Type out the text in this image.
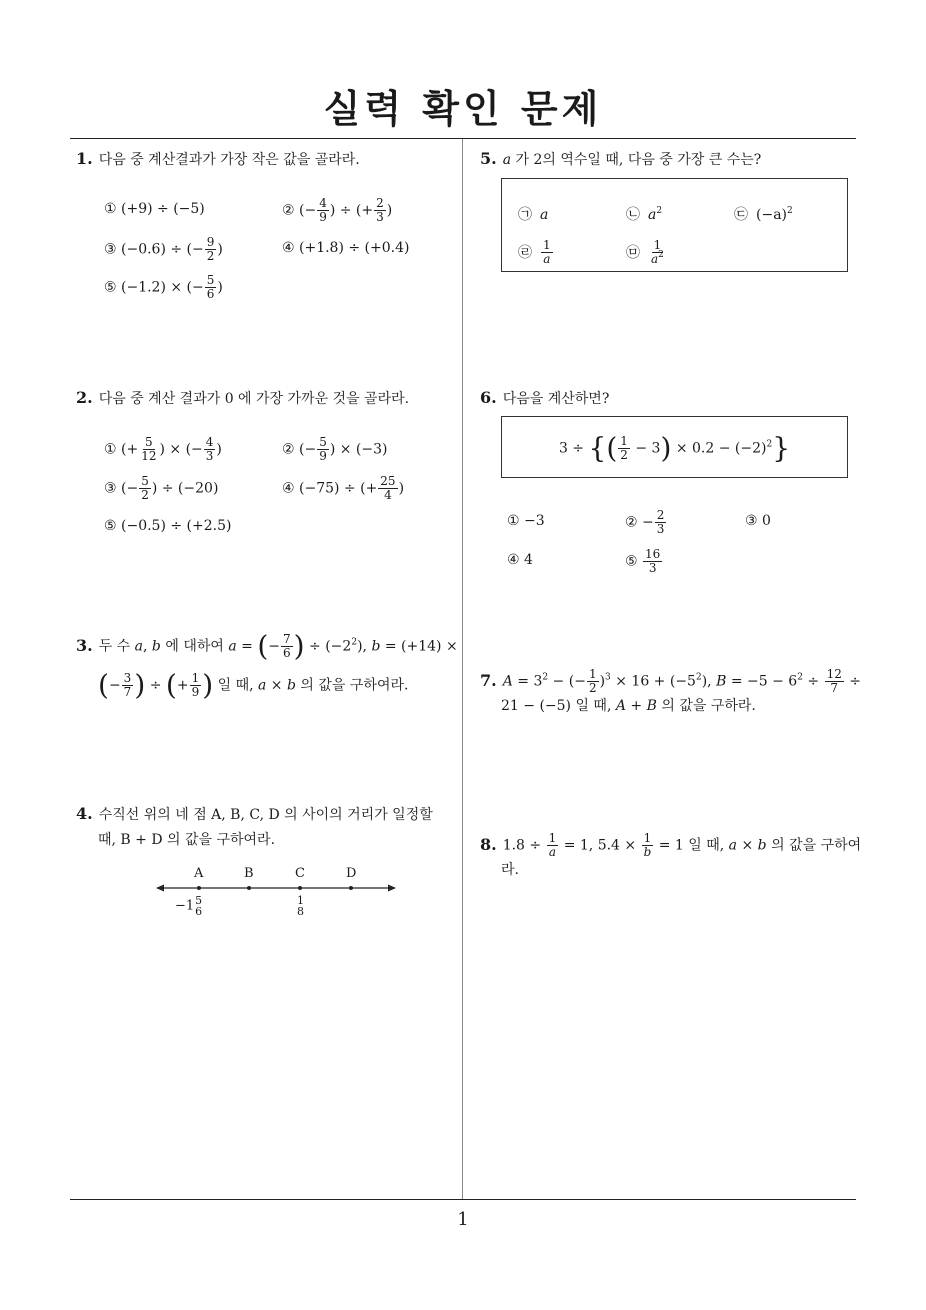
실력 확인 문제
1
1. 다음 중 계산결과가 가장 작은 값을 골라라.
① (+9) ÷ (−5)	② (− $\frac{4}{9}$ ) ÷ (+ $\frac{2}{3}$ )
③ (−0.6) ÷ (− $\frac{9}{2}$ )	④ (+1.8) ÷ (+0.4)
⑤ (−1.2) × (− $\frac{5}{6}$ )
2. 다음 중 계산 결과가 0 에 가장 가까운 것을 골라라.
① (+ $\frac{5}{12}$ ) × (− $\frac{4}{3}$ )	② (− $\frac{5}{9}$ ) × (−3)
③ (− $\frac{5}{2}$ ) ÷ (−20)	④ (−75) ÷ (+ $\frac{25}{4}$ )
⑤ (−0.5) ÷ (+2.5)
3. 두 수 a, b 에 대하여 a = (− $\frac{7}{6}$ ) ÷ $(-2^2)$, b = (+14) ×
(− $\frac{3}{7}$ ) ÷ (+ $\frac{1}{9}$ ) 일 때, a × b 의 값을 구하여라.
4. 수직선 위의 네 점 A, B, C, D 의 사이의 거리가 일정할
때, B + D 의 값을 구하여라.
A	B	C	D
−1 5
6
1
8
5. a 가 2의 역수일 때, 다음 중 가장 큰 수는?
㉠ a	㉡ $a^2$	㉢ $(-a)^2$
㉣ $\frac{1}{a}$	㉤ $\frac{1}{a^2}$
6. 다음을 계산하면?
3 ÷ {( $\frac{1}{2} - 3) \times 0.2 - (-2)^2$}
① −3	② − $\frac{2}{3}$	③ 0
④ 4	⑤ $\frac{16}{3}$
7. $A = 3^2$ − (− $\frac{1}{2} )^3 \times 16 + (-5^2)$, $B = -5 - 6^2 \div \frac{12}{7}$ ÷
21 − (−5) 일 때, A + B 의 값을 구하라.
8. $1.8 \div \frac{1}{a} = 1$, $5.4 \times \frac{1}{b} = 1$ 일 때, a × b 의 값을 구하여
라.
